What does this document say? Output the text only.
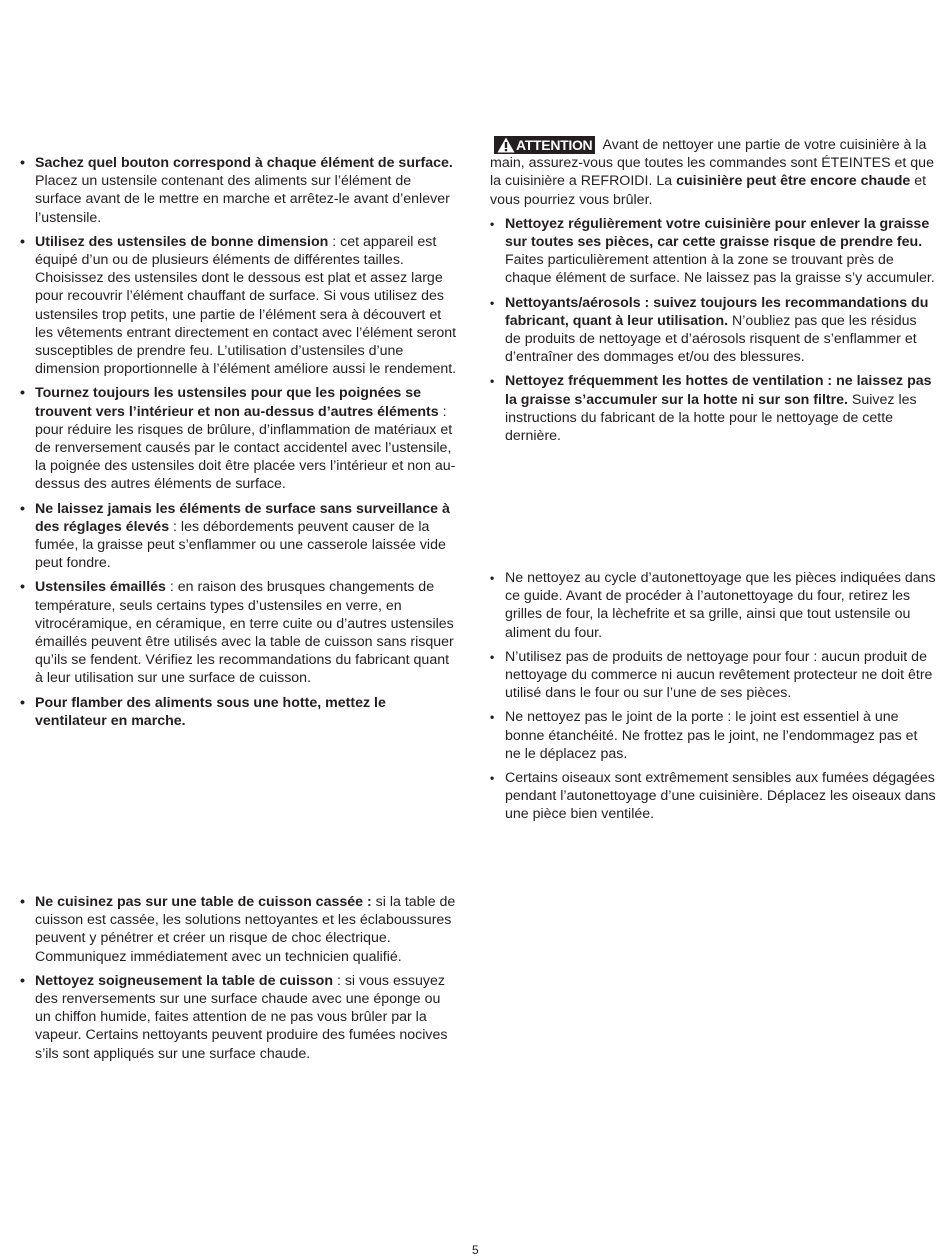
• Sachez quel bouton correspond à chaque élément de surface. Placez un ustensile contenant des aliments sur l’élément de surface avant de le mettre en marche et arrêtez-le avant d’enlever l’ustensile.
• Utilisez des ustensiles de bonne dimension : cet appareil est équipé d’un ou de plusieurs éléments de différentes tailles. Choisissez des ustensiles dont le dessous est plat et assez large pour recouvrir l’élément chauffant de surface. Si vous utilisez des ustensiles trop petits, une partie de l’élément sera à découvert et les vêtements entrant directement en contact avec l’élément seront susceptibles de prendre feu. L’utilisation d’ustensiles d’une dimension proportionnelle à l’élément améliore aussi le rendement.
• Tournez toujours les ustensiles pour que les poignées se trouvent vers l’intérieur et non au-dessus d’autres éléments : pour réduire les risques de brûlure, d’inflammation de matériaux et de renversement causés par le contact accidentel avec l’ustensile, la poignée des ustensiles doit être placée vers l’intérieur et non au-dessus des autres éléments de surface.
• Ne laissez jamais les éléments de surface sans surveillance à des réglages élevés : les débordements peuvent causer de la fumée, la graisse peut s’enflammer ou une casserole laissée vide peut fondre.
• Ustensiles émaillés : en raison des brusques changements de température, seuls certains types d’ustensiles en verre, en vitrocéramique, en céramique, en terre cuite ou d’autres ustensiles émaillés peuvent être utilisés avec la table de cuisson sans risquer qu’ils se fendent. Vérifiez les recommandations du fabricant quant à leur utilisation sur une surface de cuisson.
• Pour flamber des aliments sous une hotte, mettez le ventilateur en marche.
• Ne cuisinez pas sur une table de cuisson cassée : si la table de cuisson est cassée, les solutions nettoyantes et les éclaboussures peuvent y pénétrer et créer un risque de choc électrique. Communiquez immédiatement avec un technicien qualifié.
• Nettoyez soigneusement la table de cuisson : si vous essuyez des renversements sur une surface chaude avec une éponge ou un chiffon humide, faites attention de ne pas vous brûler par la vapeur. Certains nettoyants peuvent produire des fumées nocives s’ils sont appliqués sur une surface chaude.

ATTENTION Avant de nettoyer une partie de votre cuisinière à la main, assurez-vous que toutes les commandes sont ÉTEINTES et que la cuisinière a REFROIDI. La cuisinière peut être encore chaude et vous pourriez vous brûler.

• Nettoyez régulièrement votre cuisinière pour enlever la graisse sur toutes ses pièces, car cette graisse risque de prendre feu. Faites particulièrement attention à la zone se trouvant près de chaque élément de surface. Ne laissez pas la graisse s’y accumuler.
• Nettoyants/aérosols : suivez toujours les recommandations du fabricant, quant à leur utilisation. N’oubliez pas que les résidus de produits de nettoyage et d’aérosols risquent de s’enflammer et d’entraîner des dommages et/ou des blessures.
• Nettoyez fréquemment les hottes de ventilation : ne laissez pas la graisse s’accumuler sur la hotte ni sur son filtre. Suivez les instructions du fabricant de la hotte pour le nettoyage de cette dernière.
• Ne nettoyez au cycle d’autonettoyage que les pièces indiquées dans ce guide. Avant de procéder à l’autonettoyage du four, retirez les grilles de four, la lèchefrite et sa grille, ainsi que tout ustensile ou aliment du four.
• N’utilisez pas de produits de nettoyage pour four : aucun produit de nettoyage du commerce ni aucun revêtement protecteur ne doit être utilisé dans le four ou sur l’une de ses pièces.
• Ne nettoyez pas le joint de la porte : le joint est essentiel à une bonne étanchéité. Ne frottez pas le joint, ne l’endommagez pas et ne le déplacez pas.
• Certains oiseaux sont extrêmement sensibles aux fumées dégagées pendant l’autonettoyage d’une cuisinière. Déplacez les oiseaux dans une pièce bien ventilée.
5
